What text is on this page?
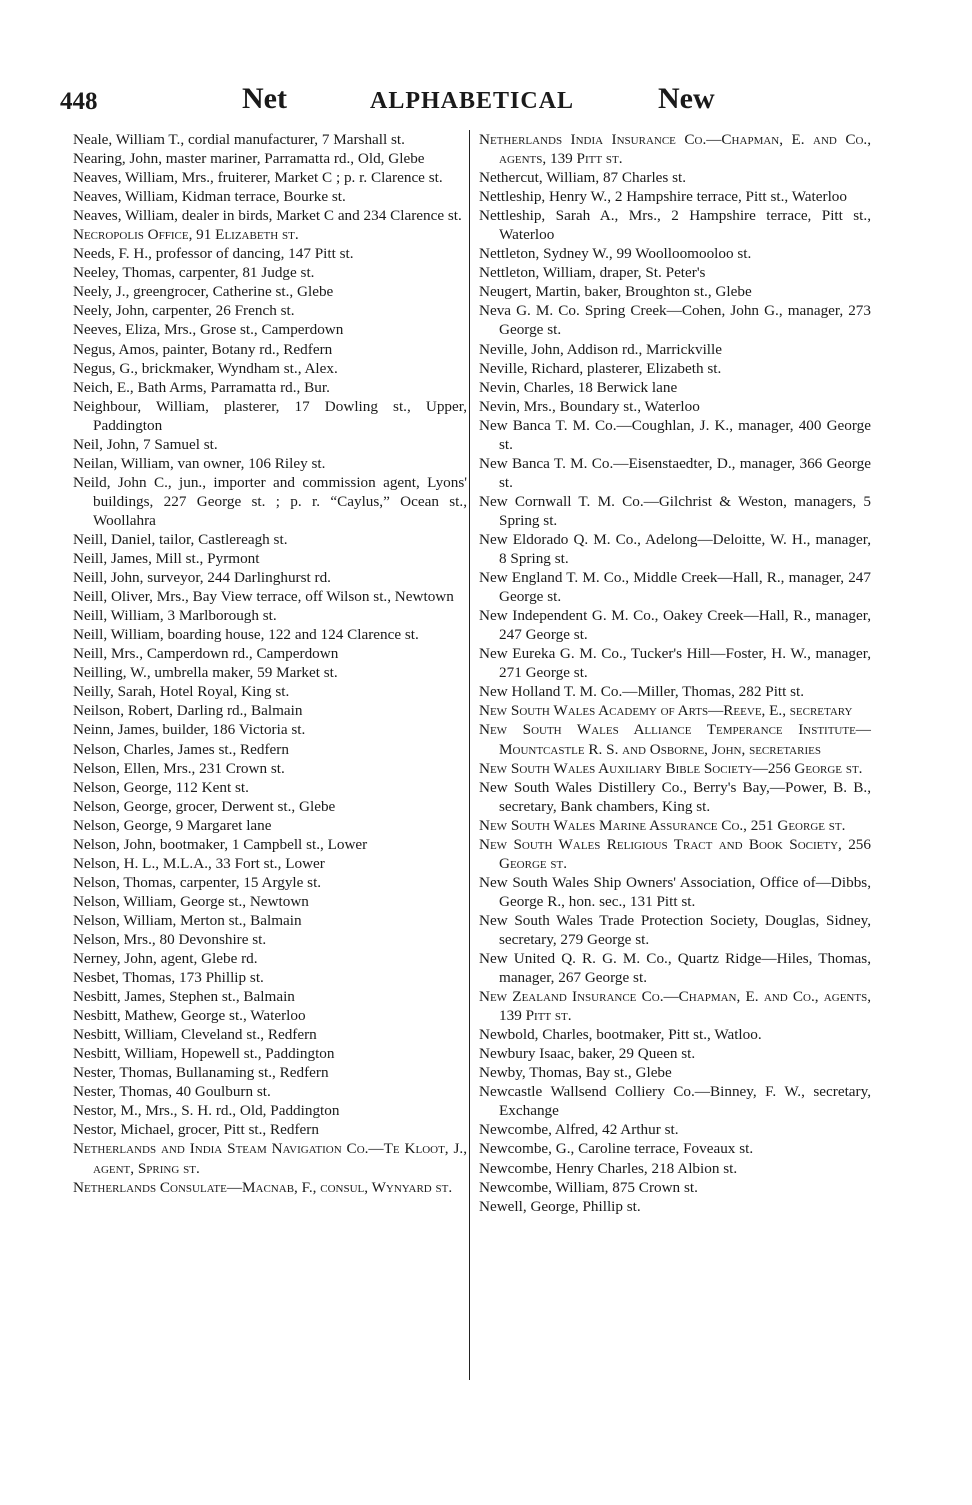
448	Net	ALPHABETICAL	New

Neale, William T., cordial manufacturer, 7 Marshall st.

Nearing, John, master mariner, Parramatta rd., Old, Glebe

Neaves, William, Mrs., fruiterer, Market C ; p. r. Clarence st.

Neaves, William, Kidman terrace, Bourke st.

Neaves, William, dealer in birds, Market C and 234 Clarence st.

Necropolis Office, 91 Elizabeth st.

Needs, F. H., professor of dancing, 147 Pitt st.

Neeley, Thomas, carpenter, 81 Judge st.

Neely, J., greengrocer, Catherine st., Glebe

Neely, John, carpenter, 26 French st.

Neeves, Eliza, Mrs., Grose st., Camperdown

Negus, Amos, painter, Botany rd., Redfern

Negus, G., brickmaker, Wyndham st., Alex.

Neich, E., Bath Arms, Parramatta rd., Bur.

Neighbour, William, plasterer, 17 Dowling st., Upper, Paddington

Neil, John, 7 Samuel st.

Neilan, William, van owner, 106 Riley st.

Neild, John C., jun., importer and commission agent, Lyons' buildings, 227 George st. ; p. r. “Caylus,” Ocean st., Woollahra

Neill, Daniel, tailor, Castlereagh st.

Neill, James, Mill st., Pyrmont

Neill, John, surveyor, 244 Darlinghurst rd.

Neill, Oliver, Mrs., Bay View terrace, off Wilson st., Newtown

Neill, William, 3 Marlborough st.

Neill, William, boarding house, 122 and 124 Clarence st.

Neill, Mrs., Camperdown rd., Camperdown

Neilling, W., umbrella maker, 59 Market st.

Neilly, Sarah, Hotel Royal, King st.

Neilson, Robert, Darling rd., Balmain

Neinn, James, builder, 186 Victoria st.

Nelson, Charles, James st., Redfern

Nelson, Ellen, Mrs., 231 Crown st.

Nelson, George, 112 Kent st.

Nelson, George, grocer, Derwent st., Glebe

Nelson, George, 9 Margaret lane

Nelson, John, bootmaker, 1 Campbell st., Lower

Nelson, H. L., M.L.A., 33 Fort st., Lower

Nelson, Thomas, carpenter, 15 Argyle st.

Nelson, William, George st., Newtown

Nelson, William, Merton st., Balmain

Nelson, Mrs., 80 Devonshire st.

Nerney, John, agent, Glebe rd.

Nesbet, Thomas, 173 Phillip st.

Nesbitt, James, Stephen st., Balmain

Nesbitt, Mathew, George st., Waterloo

Nesbitt, William, Cleveland st., Redfern

Nesbitt, William, Hopewell st., Paddington

Nester, Thomas, Bullanaming st., Redfern

Nester, Thomas, 40 Goulburn st.

Nestor, M., Mrs., S. H. rd., Old, Paddington

Nestor, Michael, grocer, Pitt st., Redfern

Netherlands and India Steam Navigation Co.—Te Kloot, J., agent, Spring st.

Netherlands Consulate—Macnab, F., consul, Wynyard st.

Netherlands India Insurance Co.—Chapman, E. and Co., agents, 139 Pitt st.

Nethercut, William, 87 Charles st.

Nettleship, Henry W., 2 Hampshire terrace, Pitt st., Waterloo

Nettleship, Sarah A., Mrs., 2 Hampshire terrace, Pitt st., Waterloo

Nettleton, Sydney W., 99 Woolloomooloo st.

Nettleton, William, draper, St. Peter's

Neugert, Martin, baker, Broughton st., Glebe

Neva G. M. Co. Spring Creek—Cohen, John G., manager, 273 George st.

Neville, John, Addison rd., Marrickville

Neville, Richard, plasterer, Elizabeth st.

Nevin, Charles, 18 Berwick lane

Nevin, Mrs., Boundary st., Waterloo

New Banca T. M. Co.—Coughlan, J. K., manager, 400 George st.

New Banca T. M. Co.—Eisenstaedter, D., manager, 366 George st.

New Cornwall T. M. Co.—Gilchrist & Weston, managers, 5 Spring st.

New Eldorado Q. M. Co., Adelong—Deloitte, W. H., manager, 8 Spring st.

New England T. M. Co., Middle Creek—Hall, R., manager, 247 George st.

New Independent G. M. Co., Oakey Creek—Hall, R., manager, 247 George st.

New Eureka G. M. Co., Tucker's Hill—Foster, H. W., manager, 271 George st.

New Holland T. M. Co.—Miller, Thomas, 282 Pitt st.

New South Wales Academy of Arts—Reeve, E., secretary

New South Wales Alliance Temperance Institute—Mountcastle R. S. and Osborne, John, secretaries

New South Wales Auxiliary Bible Society—256 George st.

New South Wales Distillery Co., Berry's Bay,—Power, B. B., secretary, Bank chambers, King st.

New South Wales Marine Assurance Co., 251 George st.

New South Wales Religious Tract and Book Society, 256 George st.

New South Wales Ship Owners' Association, Office of—Dibbs, George R., hon. sec., 131 Pitt st.

New South Wales Trade Protection Society, Douglas, Sidney, secretary, 279 George st.

New United Q. R. G. M. Co., Quartz Ridge—Hiles, Thomas, manager, 267 George st.

New Zealand Insurance Co.—Chapman, E. and Co., agents, 139 Pitt st.

Newbold, Charles, bootmaker, Pitt st., Watloo.

Newbury Isaac, baker, 29 Queen st.

Newby, Thomas, Bay st., Glebe

Newcastle Wallsend Colliery Co.—Binney, F. W., secretary, Exchange

Newcombe, Alfred, 42 Arthur st.

Newcombe, G., Caroline terrace, Foveaux st.

Newcombe, Henry Charles, 218 Albion st.

Newcombe, William, 875 Crown st.

Newell, George, Phillip st.
